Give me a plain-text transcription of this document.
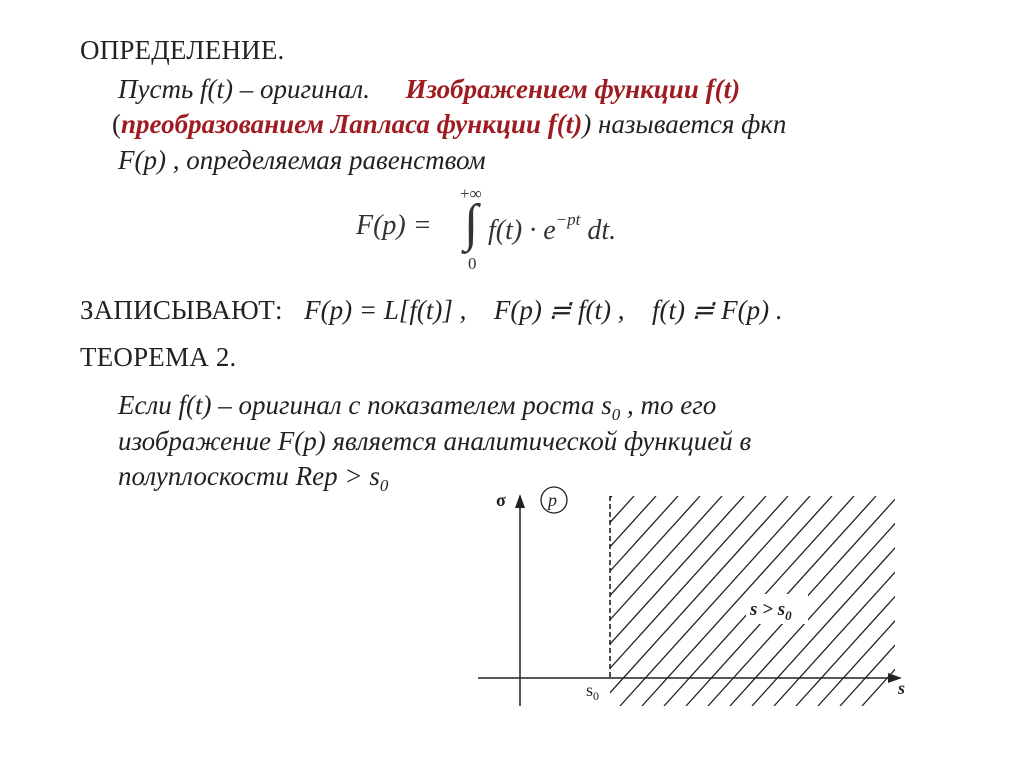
ОПРЕДЕЛЕНИЕ.
Пусть f(t) – оригинал. Изображением функции f(t)
(преобразованием Лапласа функции f(t)) называется фкп
F(p) , определяемая равенством
F(p) =
+∞
∫
0
$f(t) \cdot e^{-pt}$ dt.
ЗАПИСЫВАЮТ: F(p) = L[f(t)] , F(p) ≓ f(t) , f(t) ≓ F(p) .
ТЕОРЕМА 2.
Если f(t) – оригинал с показателем роста $s_0$ , то его
изображение F(p) является аналитической функцией в
полуплоскости Rep > $s_0$
σ p
s
$s_0$
$s > s_0$
